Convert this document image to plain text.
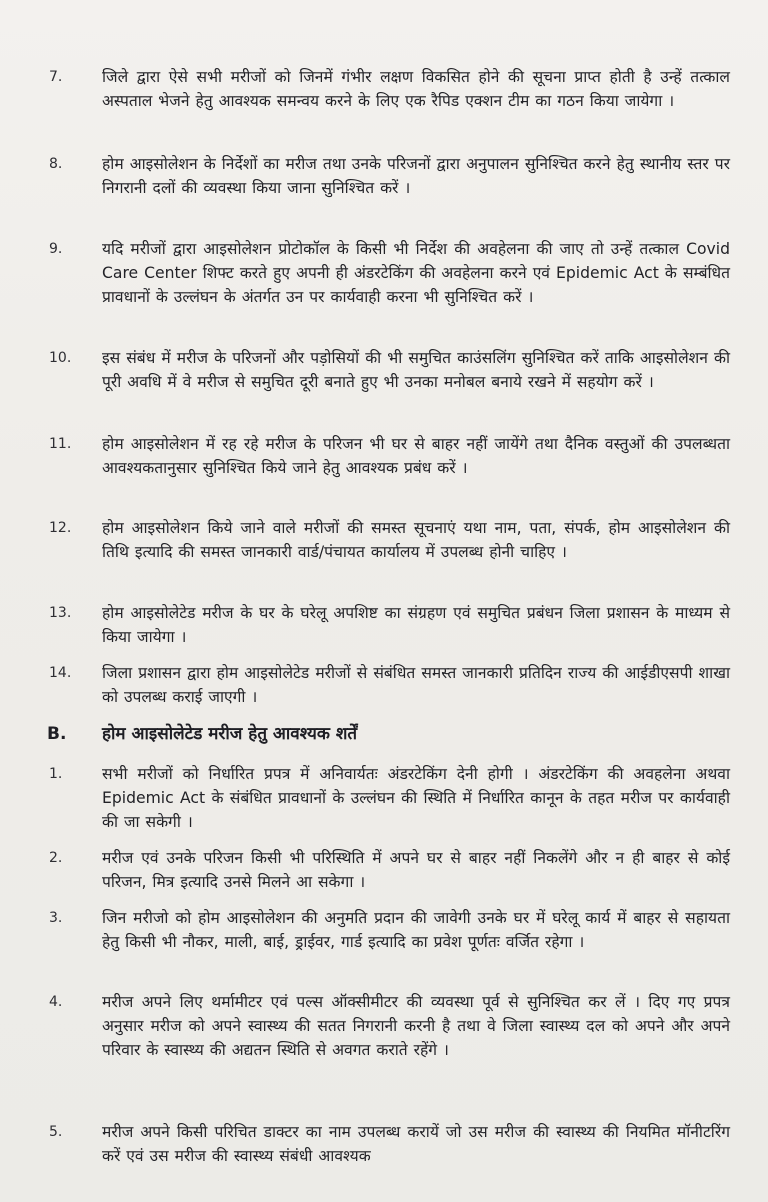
7.	जिले द्वारा ऐसे सभी मरीजों को जिनमें गंभीर लक्षण विकसित होने की सूचना प्राप्त होती है उन्हें तत्काल अस्पताल भेजने हेतु आवश्यक समन्वय करने के लिए एक रैपिड एक्शन टीम का गठन किया जायेगा ।
8.	होम आइसोलेशन के निर्देशों का मरीज तथा उनके परिजनों द्वारा अनुपालन सुनिश्चित करने हेतु स्थानीय स्तर पर निगरानी दलों की व्यवस्था किया जाना सुनिश्चित करें ।
9.	यदि मरीजों द्वारा आइसोलेशन प्रोटोकॉल के किसी भी निर्देश की अवहेलना की जाए तो उन्हें तत्काल Covid Care Center शिफ्ट करते हुए अपनी ही अंडरटेकिंग की अवहेलना करने एवं Epidemic Act के सम्बंधित प्रावधानों के उल्लंघन के अंतर्गत उन पर कार्यवाही करना भी सुनिश्चित करें ।
10. इस संबंध में मरीज के परिजनों और पड़ोसियों की भी समुचित काउंसलिंग सुनिश्चित करें ताकि आइसोलेशन की पूरी अवधि में वे मरीज से समुचित दूरी बनाते हुए भी उनका मनोबल बनाये रखने में सहयोग करें ।
11. होम आइसोलेशन में रह रहे मरीज के परिजन भी घर से बाहर नहीं जायेंगे तथा दैनिक वस्तुओं की उपलब्धता आवश्यकतानुसार सुनिश्चित किये जाने हेतु आवश्यक प्रबंध करें ।
12. होम आइसोलेशन किये जाने वाले मरीजों की समस्त सूचनाएं यथा नाम, पता, संपर्क, होम आइसोलेशन की तिथि इत्यादि की समस्त जानकारी वार्ड/पंचायत कार्यालय में उपलब्ध होनी चाहिए ।
13. होम आइसोलेटेड मरीज के घर के घरेलू अपशिष्ट का संग्रहण एवं समुचित प्रबंधन जिला प्रशासन के माध्यम से किया जायेगा ।
14. जिला प्रशासन द्वारा होम आइसोलेटेड मरीजों से संबंधित समस्त जानकारी प्रतिदिन राज्य की आईडीएसपी शाखा को उपलब्ध कराई जाएगी ।
B. होम आइसोलेटेड मरीज हेतु आवश्यक शर्तें
1.	सभी मरीजों को निर्धारित प्रपत्र में अनिवार्यतः अंडरटेकिंग देनी होगी । अंडरटेकिंग की अवहलेना अथवा Epidemic Act के संबंधित प्रावधानों के उल्लंघन की स्थिति में निर्धारित कानून के तहत मरीज पर कार्यवाही की जा सकेगी ।
2.	मरीज एवं उनके परिजन किसी भी परिस्थिति में अपने घर से बाहर नहीं निकलेंगे और न ही बाहर से कोई परिजन, मित्र इत्यादि उनसे मिलने आ सकेगा ।
3.	जिन मरीजो को होम आइसोलेशन की अनुमति प्रदान की जावेगी उनके घर में घरेलू कार्य में बाहर से सहायता हेतु किसी भी नौकर, माली, बाई, ड्राईवर, गार्ड इत्यादि का प्रवेश पूर्णतः वर्जित रहेगा ।
4.	मरीज अपने लिए थर्मामीटर एवं पल्स ऑक्सीमीटर की व्यवस्था पूर्व से सुनिश्चित कर लें । दिए गए प्रपत्र अनुसार मरीज को अपने स्वास्थ्य की सतत निगरानी करनी है तथा वे जिला स्वास्थ्य दल को अपने और अपने परिवार के स्वास्थ्य की अद्यतन स्थिति से अवगत कराते रहेंगे ।
5.	मरीज अपने किसी परिचित डाक्टर का नाम उपलब्ध करायें जो उस मरीज की स्वास्थ्य की नियमित मॉनीटरिंग करें एवं उस मरीज की स्वास्थ्य संबंधी आवश्यक
